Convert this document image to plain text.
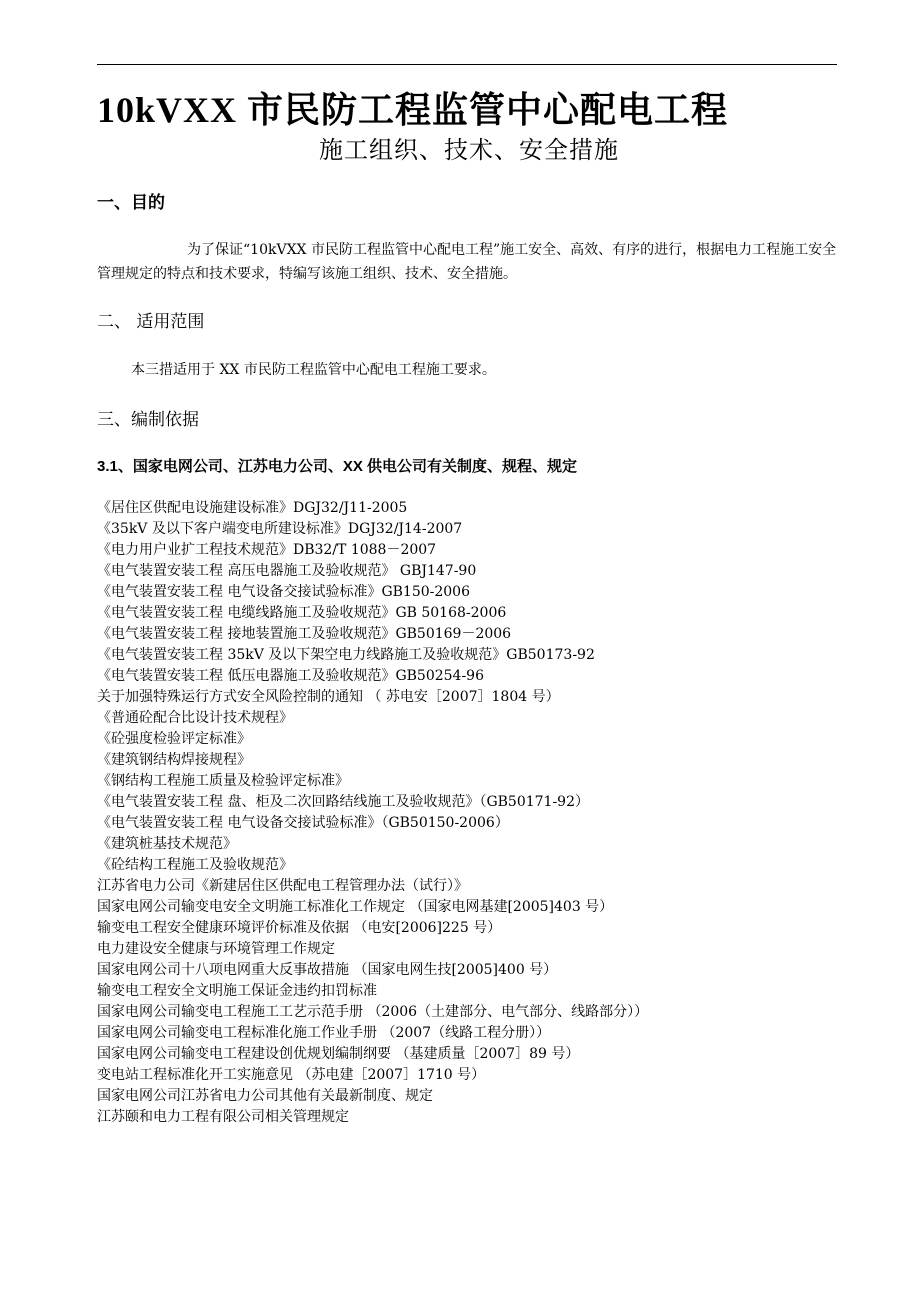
10kVXX 市民防工程监管中心配电工程
施工组织、技术、安全措施
一、目的
为了保证“10kVXX 市民防工程监管中心配电工程”施工安全、高效、有序的进行，根据电力工程施工安全管理规定的特点和技术要求，特编写该施工组织、技术、安全措施。
二、 适用范围
本三措适用于 XX 市民防工程监管中心配电工程施工要求。
三、编制依据
3.1、国家电网公司、江苏电力公司、XX 供电公司有关制度、规程、规定
《居住区供配电设施建设标准》DGJ32/J11-2005
《35kV 及以下客户端变电所建设标准》DGJ32/J14-2007
《电力用户业扩工程技术规范》DB32/T 1088－2007
《电气装置安装工程 高压电器施工及验收规范》 GBJ147-90
《电气装置安装工程 电气设备交接试验标准》GB150-2006
《电气装置安装工程 电缆线路施工及验收规范》GB 50168-2006
《电气装置安装工程 接地装置施工及验收规范》GB50169－2006
《电气装置安装工程 35kV 及以下架空电力线路施工及验收规范》GB50173-92
《电气装置安装工程 低压电器施工及验收规范》GB50254-96
关于加强特殊运行方式安全风险控制的通知 （ 苏电安［2007］1804 号）
《普通砼配合比设计技术规程》
《砼强度检验评定标准》
《建筑钢结构焊接规程》
《钢结构工程施工质量及检验评定标准》
《电气装置安装工程 盘、柜及二次回路结线施工及验收规范》（GB50171-92）
《电气装置安装工程 电气设备交接试验标准》（GB50150-2006）
《建筑桩基技术规范》
《砼结构工程施工及验收规范》
江苏省电力公司《新建居住区供配电工程管理办法（试行）》
国家电网公司输变电安全文明施工标准化工作规定 （国家电网基建[2005]403 号）
输变电工程安全健康环境评价标准及依据 （电安[2006]225 号）
电力建设安全健康与环境管理工作规定
国家电网公司十八项电网重大反事故措施 （国家电网生技[2005]400 号）
输变电工程安全文明施工保证金违约扣罚标准
国家电网公司输变电工程施工工艺示范手册 （2006（土建部分、电气部分、线路部分））
国家电网公司输变电工程标准化施工作业手册 （2007（线路工程分册））
国家电网公司输变电工程建设创优规划编制纲要 （基建质量［2007］89 号）
变电站工程标准化开工实施意见 （苏电建［2007］1710 号）
国家电网公司江苏省电力公司其他有关最新制度、规定
江苏颐和电力工程有限公司相关管理规定
